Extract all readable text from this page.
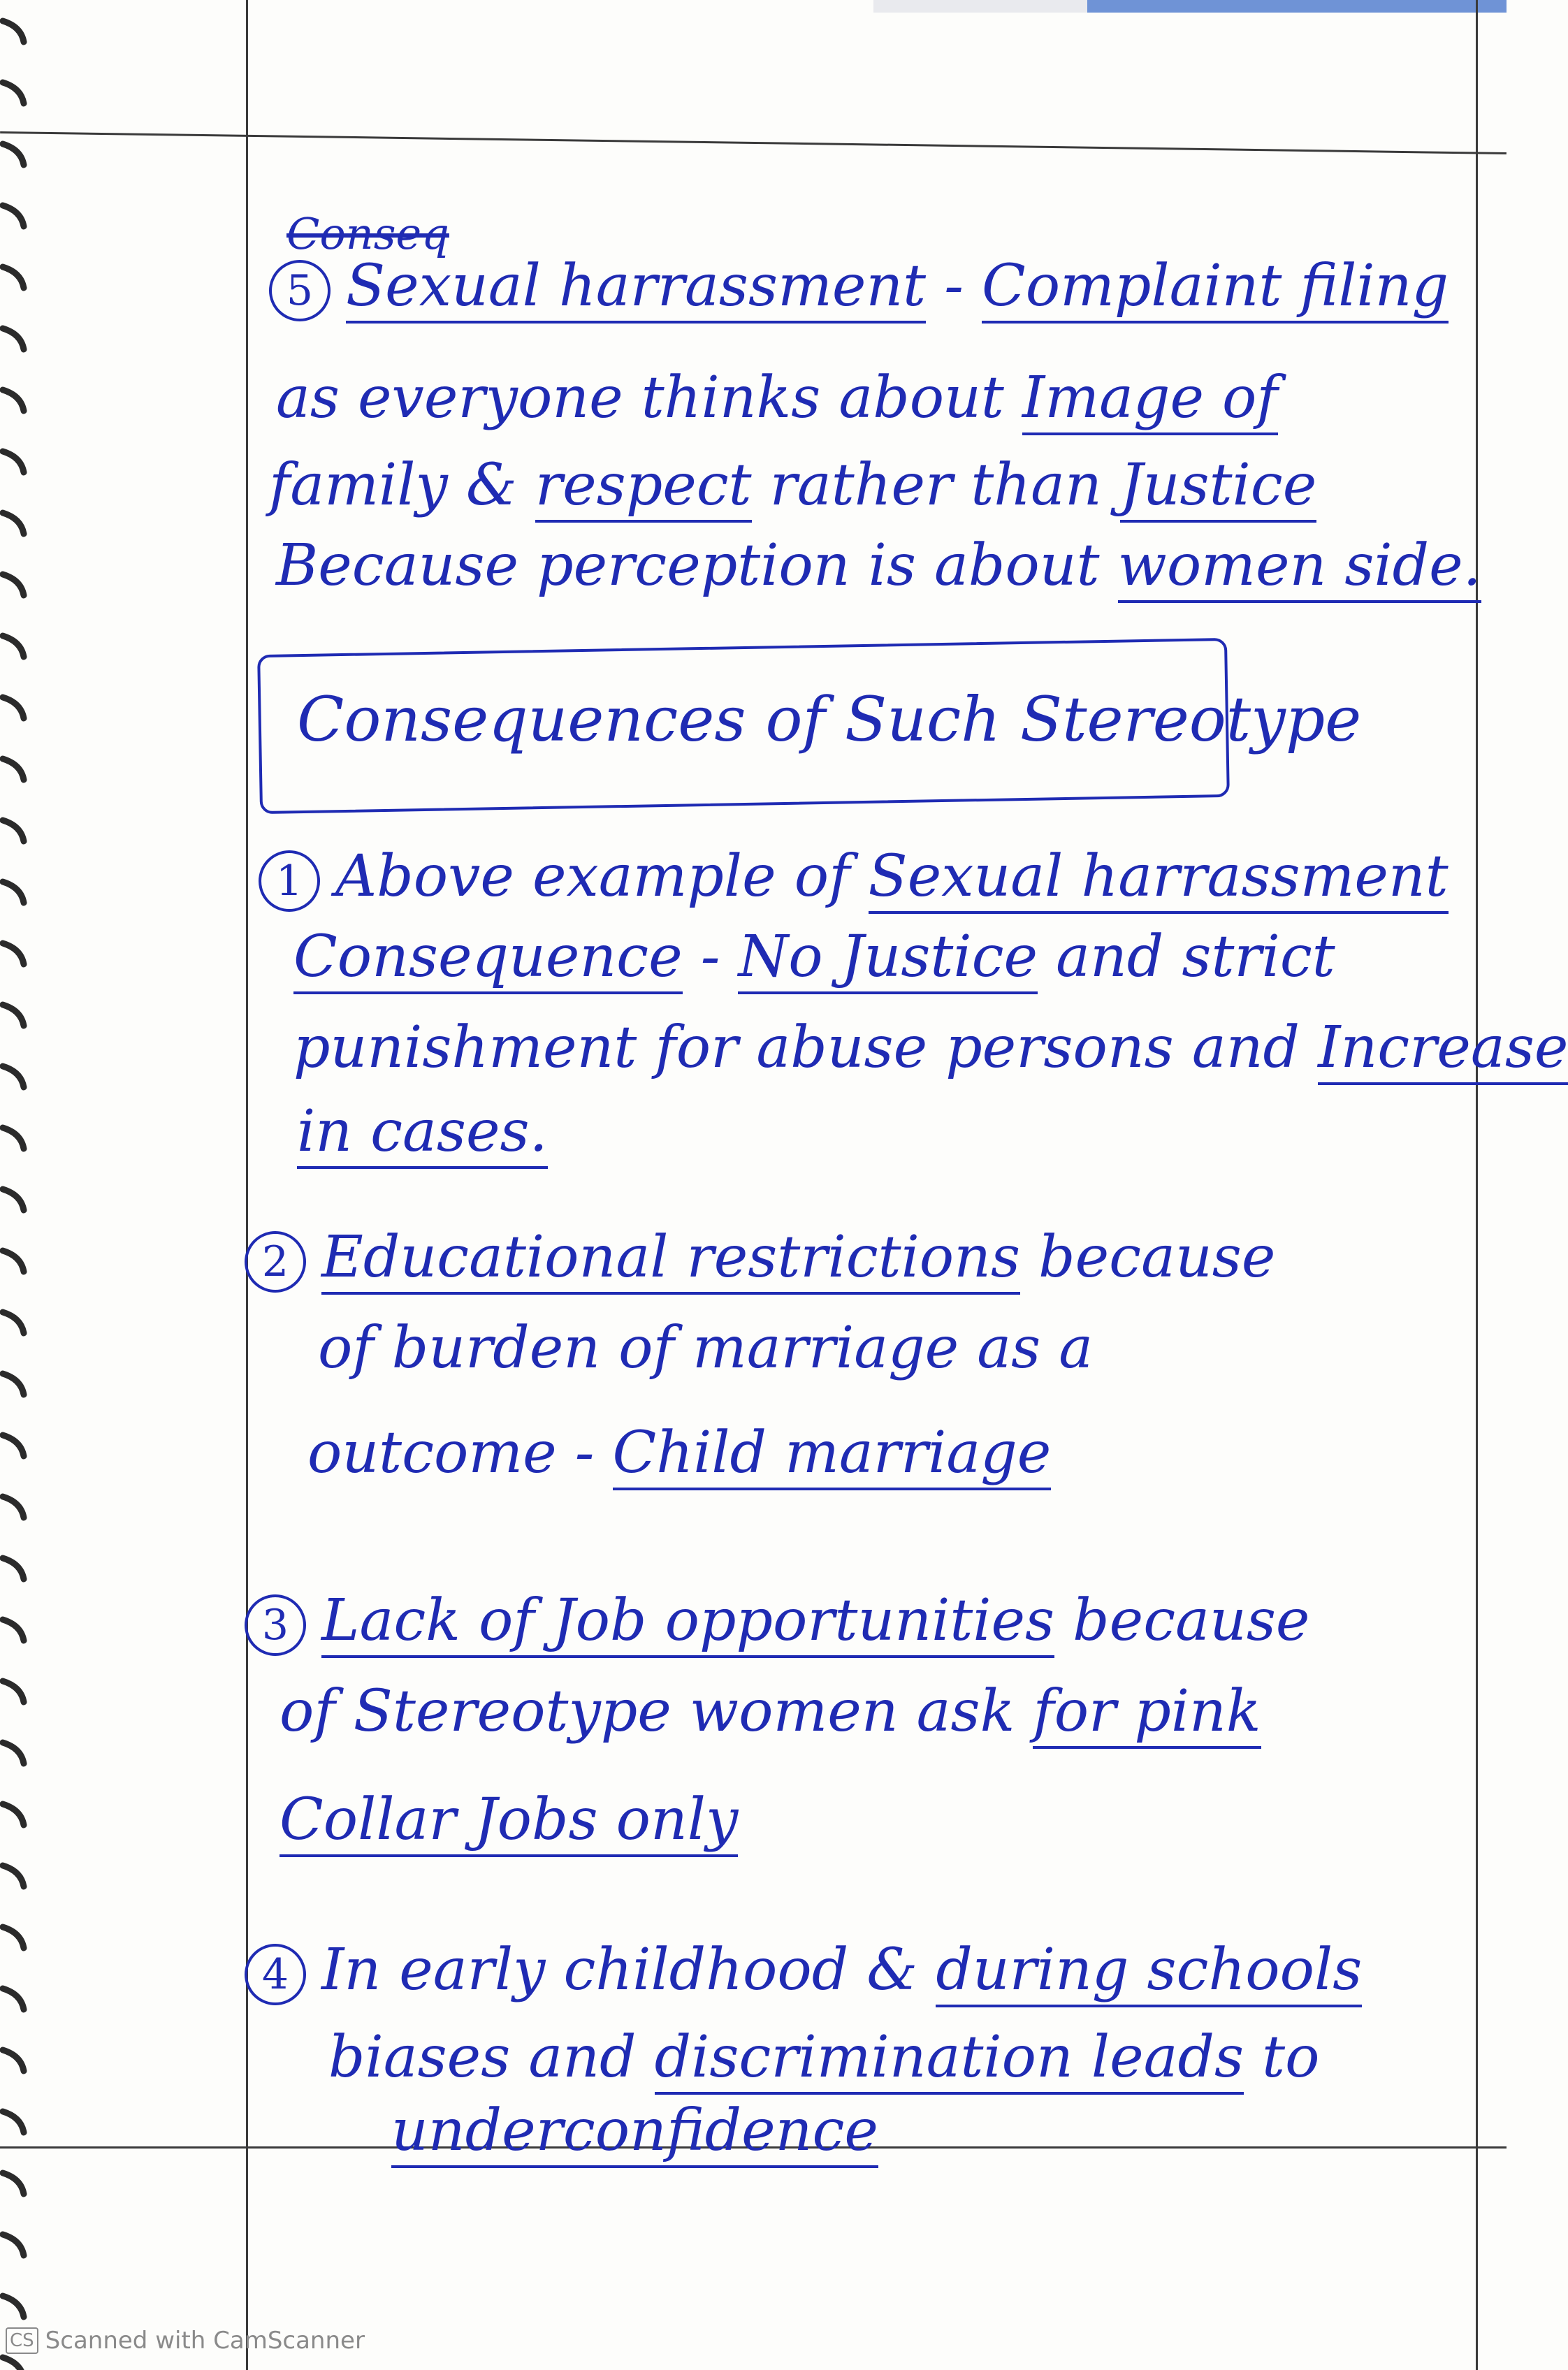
Conseq
5 Sexual harrassment - Complaint filing
as everyone thinks about Image of
family & respect rather than Justice
Because perception is about women side.
Consequences of Such Stereotype
1 Above example of Sexual harrassment
Consequence - No Justice and strict
punishment for abuse persons and Increase
in cases.
2 Educational restrictions because
of burden of marriage as a
outcome - Child marriage
3 Lack of Job opportunities because
of Stereotype women ask for pink
Collar Jobs only
4 In early childhood & during schools
biases and discrimination leads to
underconfidence
CS Scanned with CamScanner
